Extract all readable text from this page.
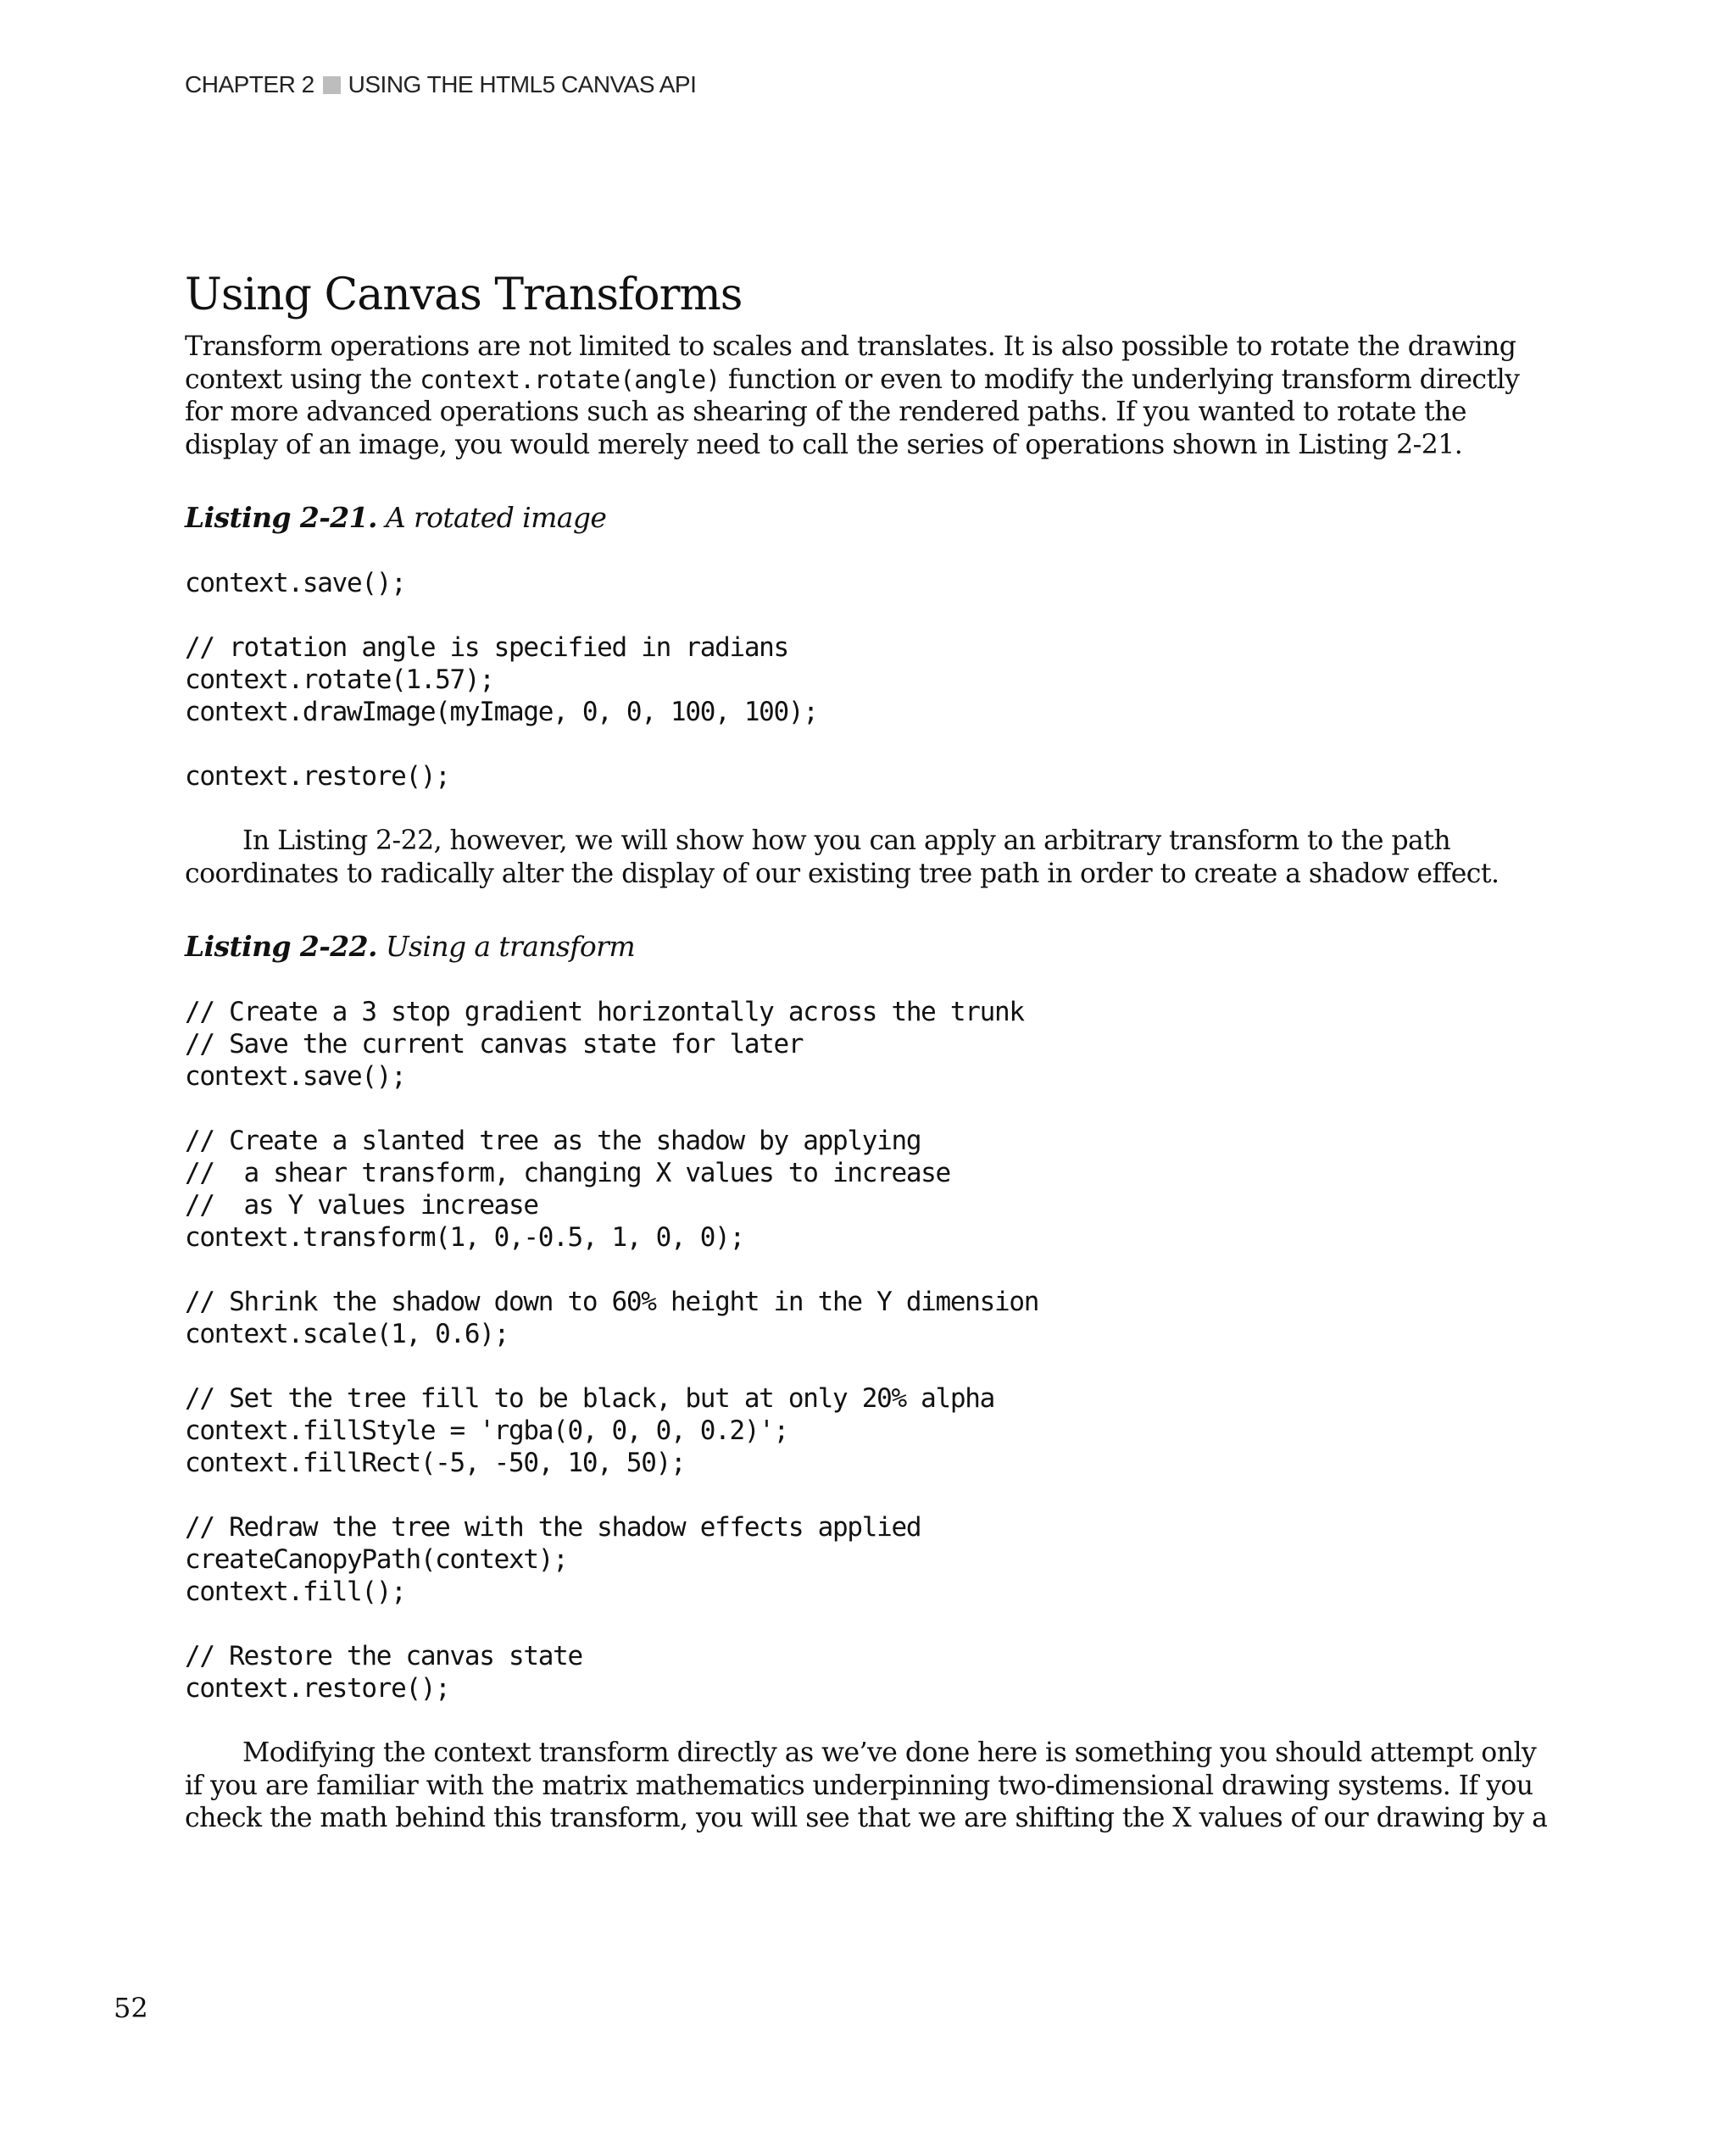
CHAPTER 2 USING THE HTML5 CANVAS API
Using Canvas Transforms

Transform operations are not limited to scales and translates. It is also possible to rotate the drawing context using the context.rotate(angle) function or even to modify the underlying transform directly for more advanced operations such as shearing of the rendered paths. If you wanted to rotate the display of an image, you would merely need to call the series of operations shown in Listing 2-21.

Listing 2-21. A rotated image

context.save();
// rotation angle is specified in radians
context.rotate(1.57);
context.drawImage(myImage, 0, 0, 100, 100);
context.restore();

In Listing 2-22, however, we will show how you can apply an arbitrary transform to the path coordinates to radically alter the display of our existing tree path in order to create a shadow effect.

Listing 2-22. Using a transform

// Create a 3 stop gradient horizontally across the trunk
// Save the current canvas state for later
context.save();
// Create a slanted tree as the shadow by applying
//  a shear transform, changing X values to increase
//  as Y values increase
context.transform(1, 0,-0.5, 1, 0, 0);
// Shrink the shadow down to 60% height in the Y dimension
context.scale(1, 0.6);
// Set the tree fill to be black, but at only 20% alpha
context.fillStyle = 'rgba(0, 0, 0, 0.2)';
context.fillRect(-5, -50, 10, 50);
// Redraw the tree with the shadow effects applied
createCanopyPath(context);
context.fill();
// Restore the canvas state
context.restore();

Modifying the context transform directly as we’ve done here is something you should attempt only if you are familiar with the matrix mathematics underpinning two-dimensional drawing systems. If you check the math behind this transform, you will see that we are shifting the X values of our drawing by a

52
